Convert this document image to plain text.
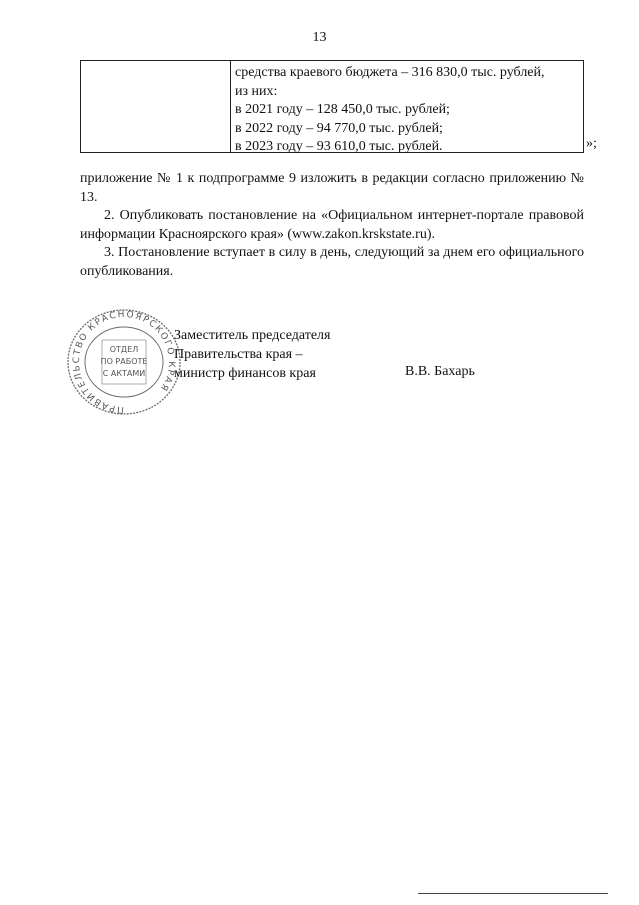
13
средства краевого бюджета – 316 830,0 тыс. рублей,
из них:
в 2021 году – 128 450,0 тыс. рублей;
в 2022 году – 94 770,0 тыс. рублей;
в 2023 году – 93 610,0 тыс. рублей.	»;
приложение № 1 к подпрограмме 9 изложить в редакции согласно приложению № 13.
2. Опубликовать постановление на «Официальном интернет-портале правовой информации Красноярского края» (www.zakon.krskstate.ru).
3. Постановление вступает в силу в день, следующий за днем его официального опубликования.
ПРАВИТЕЛЬСТВО КРАСНОЯРСКОГО КРАЯ
ОТДЕЛ
ПО РАБОТЕ
С АКТАМИ
Заместитель председателя
Правительства края –
министр финансов края	В.В. Бахарь
